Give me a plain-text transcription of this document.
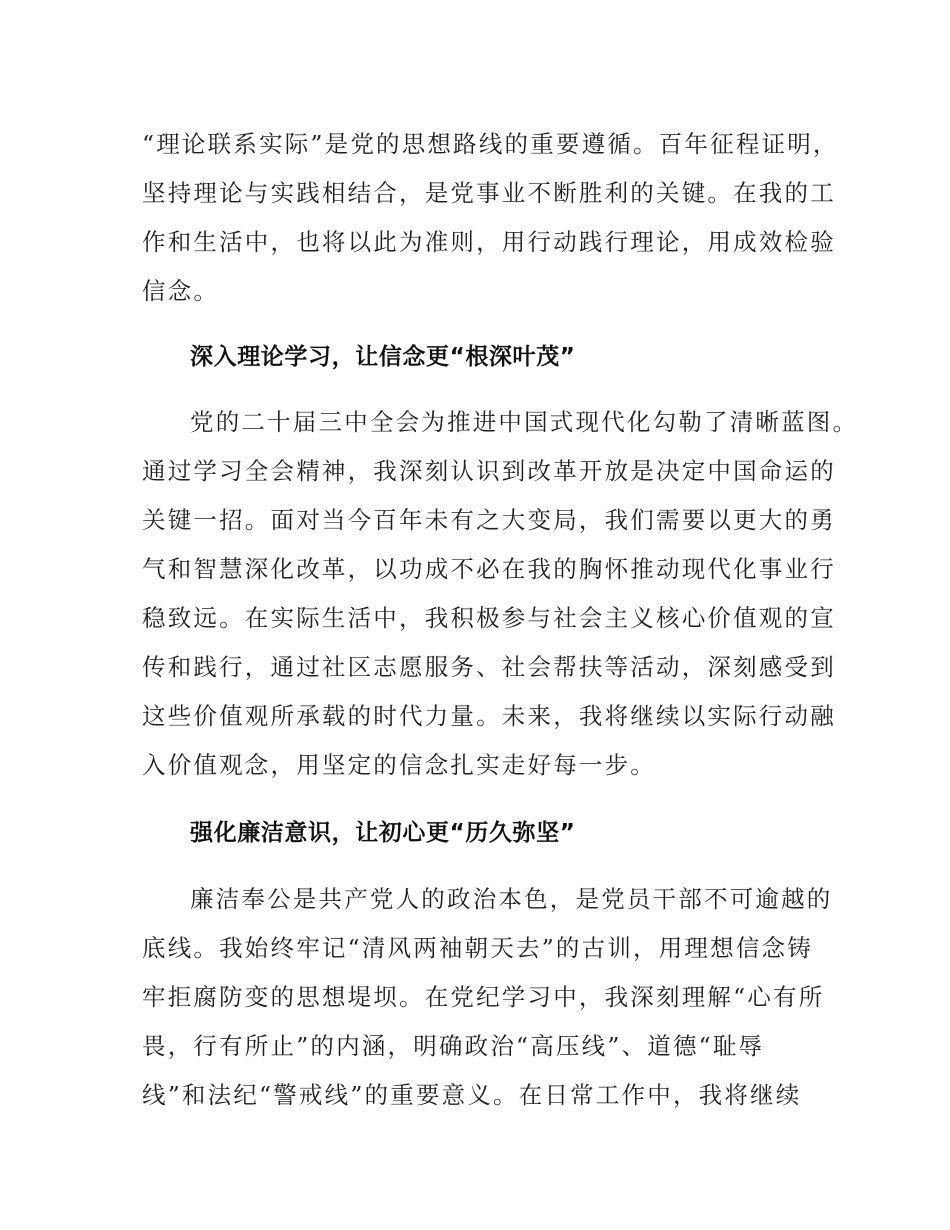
“理论联系实际”是党的思想路线的重要遵循。百年征程证明，
坚持理论与实践相结合，是党事业不断胜利的关键。在我的工
作和生活中，也将以此为准则，用行动践行理论，用成效检验
信念。
深入理论学习，让信念更“根深叶茂”
党的二十届三中全会为推进中国式现代化勾勒了清晰蓝图。
通过学习全会精神，我深刻认识到改革开放是决定中国命运的
关键一招。面对当今百年未有之大变局，我们需要以更大的勇
气和智慧深化改革，以功成不必在我的胸怀推动现代化事业行
稳致远。在实际生活中，我积极参与社会主义核心价值观的宣
传和践行，通过社区志愿服务、社会帮扶等活动，深刻感受到
这些价值观所承载的时代力量。未来，我将继续以实际行动融
入价值观念，用坚定的信念扎实走好每一步。
强化廉洁意识，让初心更“历久弥坚”
廉洁奉公是共产党人的政治本色，是党员干部不可逾越的
底线。我始终牢记“清风两袖朝天去”的古训，用理想信念铸
牢拒腐防变的思想堤坝。在党纪学习中，我深刻理解“心有所
畏，行有所止”的内涵，明确政治“高压线”、道德“耻辱
线”和法纪“警戒线”的重要意义。在日常工作中，我将继续
